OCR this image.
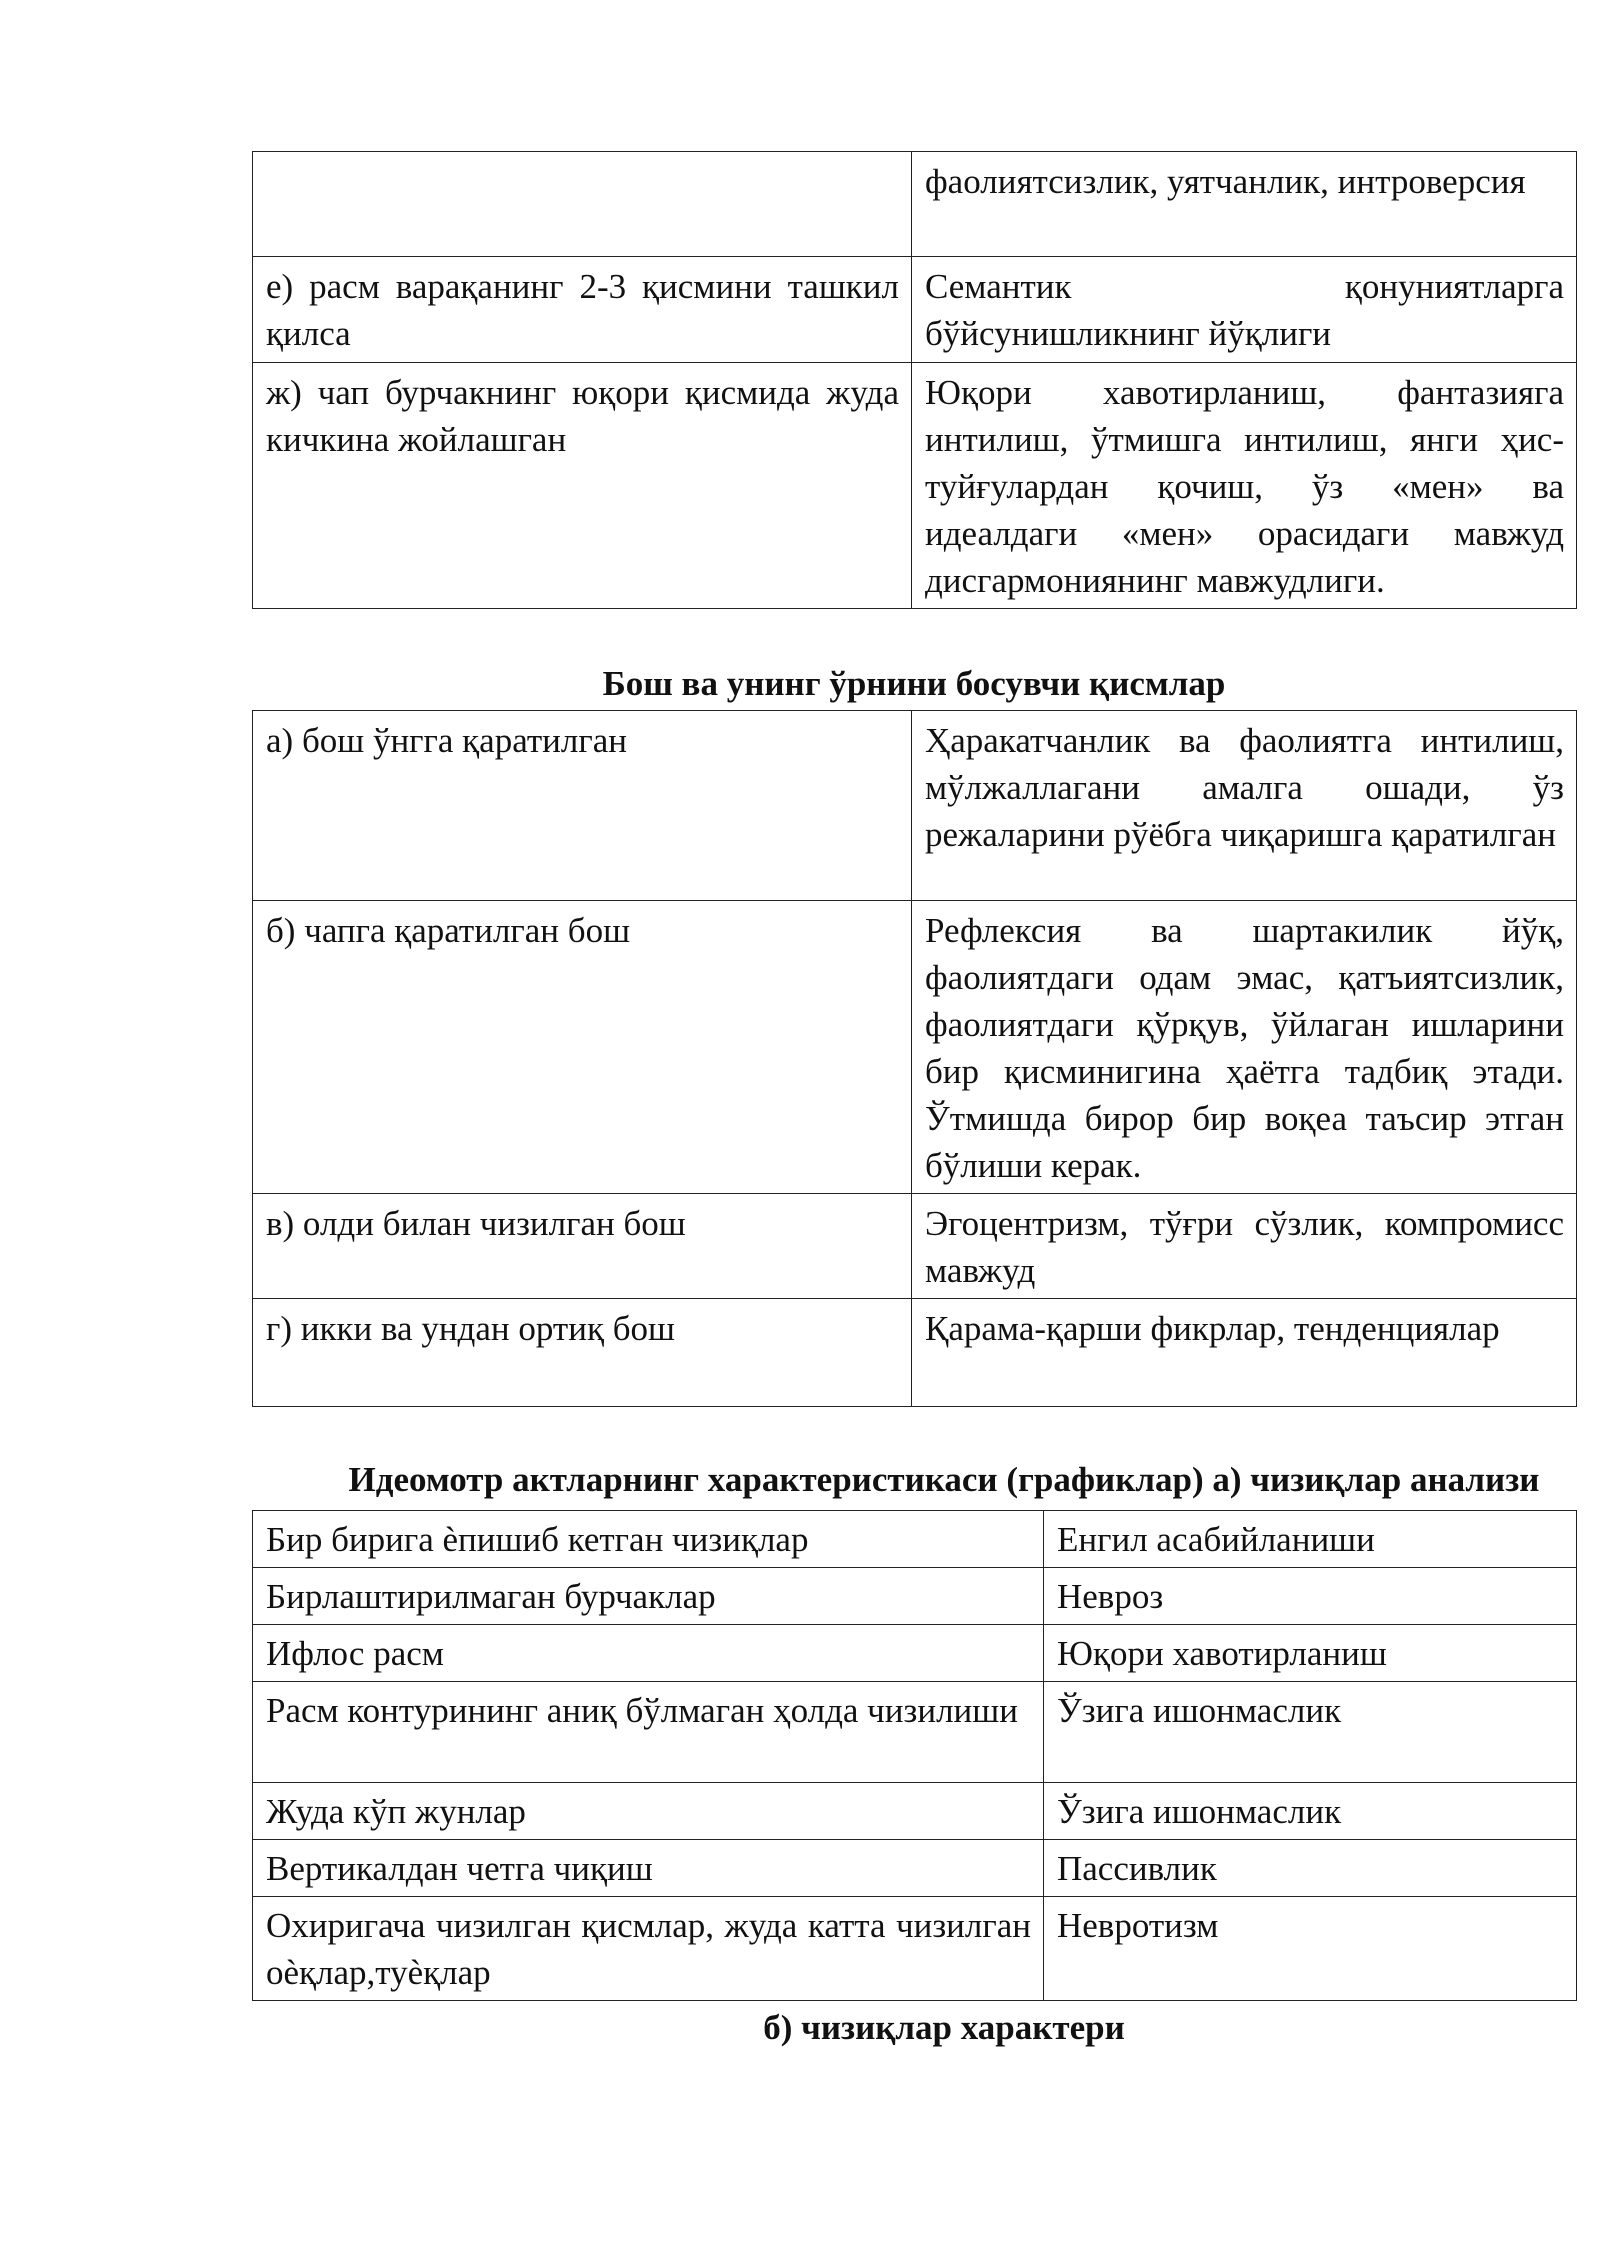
	фаолиятсизлик, уятчанлик, интроверсия
е) расм варақанинг 2-3 қисмини ташкил қилса	Семантик қонуниятларга бўйсунишликнинг йўқлиги
ж) чап бурчакнинг юқори қисмида жуда кичкина жойлашган	Юқори хавотирланиш, фантазияга интилиш, ўтмишга интилиш, янги ҳис-туйғулардан қочиш, ўз «мен» ва идеалдаги «мен» орасидаги мавжуд дисгармониянинг мавжудлиги.
Бош ва унинг ўрнини босувчи қисмлар
а) бош ўнгга қаратилган	Ҳаракатчанлик ва фаолиятга интилиш, мўлжаллагани амалга ошади, ўз режаларини рўёбга чиқаришга қаратилган
б) чапга қаратилган бош	Рефлексия ва шартакилик йўқ, фаолиятдаги одам эмас, қатъиятсизлик, фаолиятдаги қўрқув, ўйлаган ишларини бир қисминигина ҳаётга тадбиқ этади. Ўтмишда бирор бир воқеа таъсир этган бўлиши керак.
в) олди билан чизилган бош	Эгоцентризм, тўғри сўзлик, компромисс мавжуд
г) икки ва ундан ортиқ бош	Қарама-қарши фикрлар, тенденциялар
Идеомотр актларнинг характеристикаси (графиклар) а) чизиқлар анализи
Бир бирига ѐпишиб кетган чизиқлар	Енгил асабийланиши
Бирлаштирилмаган бурчаклар	Невроз
Ифлос расм	Юқори хавотирланиш
Расм контурининг аниқ бўлмаган ҳолда чизилиши	Ўзига ишонмаслик
Жуда кўп жунлар	Ўзига ишонмаслик
Вертикалдан четга чиқиш	Пассивлик
Охиригача чизилган қисмлар, жуда катта чизилган оѐқлар,туѐқлар	Невротизм
б) чизиқлар характери
